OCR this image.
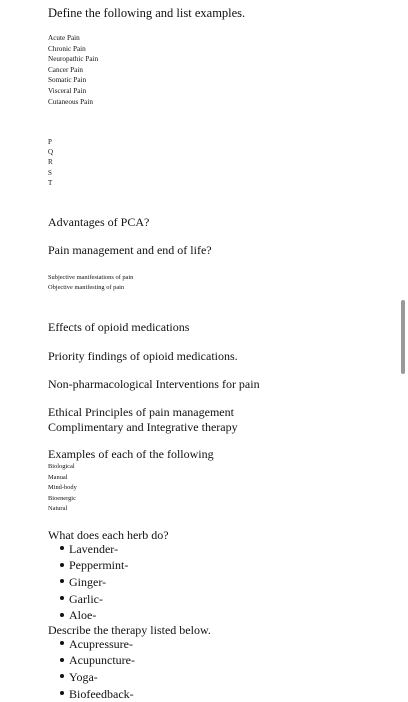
Define the following and list examples.
Acute Pain
Chronic Pain
Neuropathic Pain
Cancer Pain
Somatic Pain
Visceral Pain
Cutaneous Pain
P
Q
R
S
T
Advantages of PCA?
Pain management and end of life?
Subjective manifestations of pain
Objective manifesting of pain
Effects of opioid medications
Priority findings of opioid medications.
Non-pharmacological Interventions for pain
Ethical Principles of pain management
Complimentary and Integrative therapy
Examples of each of the following
Biological
Manual
Mind-body
Bioenergic
Natural
What does each herb do?
Lavender-
Peppermint-
Ginger-
Garlic-
Aloe-
Describe the therapy listed below.
Acupressure-
Acupuncture-
Yoga-
Biofeedback-
